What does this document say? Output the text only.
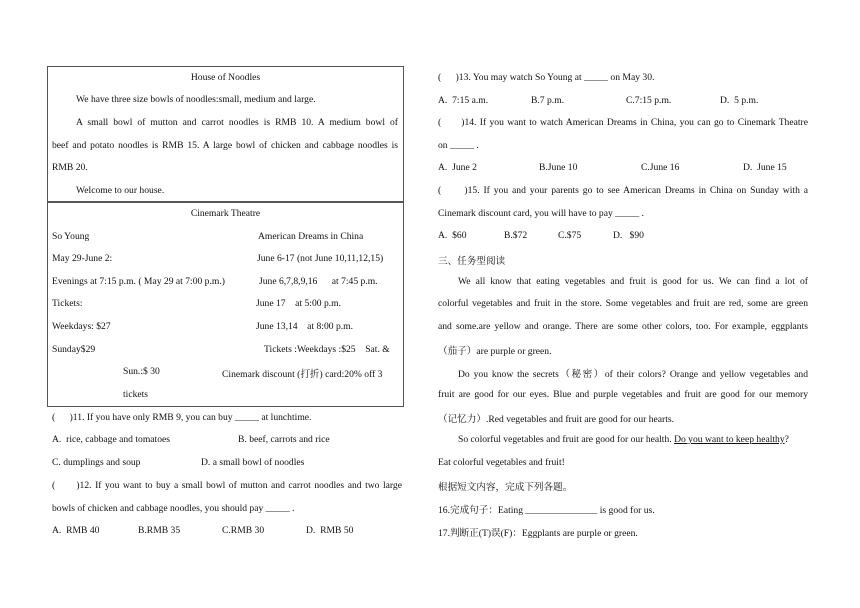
House of Noodles
We have three size bowls of noodles:small, medium and large.
A small bowl of mutton and carrot noodles is RMB 10. A medium bowl of
beef and potato noodles is RMB 15. A large bowl of chicken and cabbage noodles is
RMB 20.
Welcome to our house.
Cinemark Theatre
So Young	American Dreams in China
May 29-June 2:	June 6-17 (not June 10,11,12,15)
Evenings at 7:15 p.m. ( May 29 at 7:00 p.m.)	June 6,7,8,9,16      at 7:45 p.m.
Tickets:	June 17    at 5:00 p.m.
Weekdays: $27	June 13,14    at 8:00 p.m.
Sunday$29	Tickets :Weekdays :$25    Sat. &
Sun.:$ 30	Cinemark discount (打折) card:20% off 3
tickets
(      )11. If you have only RMB 9, you can buy _____ at lunchtime.
A.  rice, cabbage and tomatoes	B. beef, carrots and rice
C. dumplings and soup	D. a small bowl of noodles
(      )12. If you want to buy a small bowl of mutton and carrot noodles and two large
bowls of chicken and cabbage noodles, you should pay _____ .
A.  RMB 40	B.RMB 35	C.RMB 30	D.  RMB 50
(      )13. You may watch So Young at _____ on May 30.
A.  7:15 a.m.	B.7 p.m.	C.7:15 p.m.	D.  5 p.m.
(      )14. If you want to watch American Dreams in China, you can go to Cinemark Theatre
on _____ .
A.  June 2	B.June 10	C.June 16	D.  June 15
(      )15. If you and your parents go to see American Dreams in China on Sunday with a
Cinemark discount card, you will have to pay _____ .
A.  $60	B.$72	C.$75	D.   $90
三、任务型阅读
We all know that eating vegetables and fruit is good for us. We can find a lot of
colorful vegetables and fruit in the store. Some vegetables and fruit are red, some are green
and some.are yellow and orange. There are some other colors, too. For example, eggplants
（茄子）are purple or green.
Do you know the secrets（秘密）of their colors? Orange and yellow vegetables and
fruit are good for our eyes. Blue and purple vegetables and fruit are good for our memory
（记忆力）.Red vegetables and fruit are good for our hearts.
So colorful vegetables and fruit are good for our health. Do you want to keep healthy?
Eat colorful vegetables and fruit!
根据短文内容，完成下列各题。
16.完成句子：Eating _______________ is good for us.
17.判断正(T)误(F)：Eggplants are purple or green.
